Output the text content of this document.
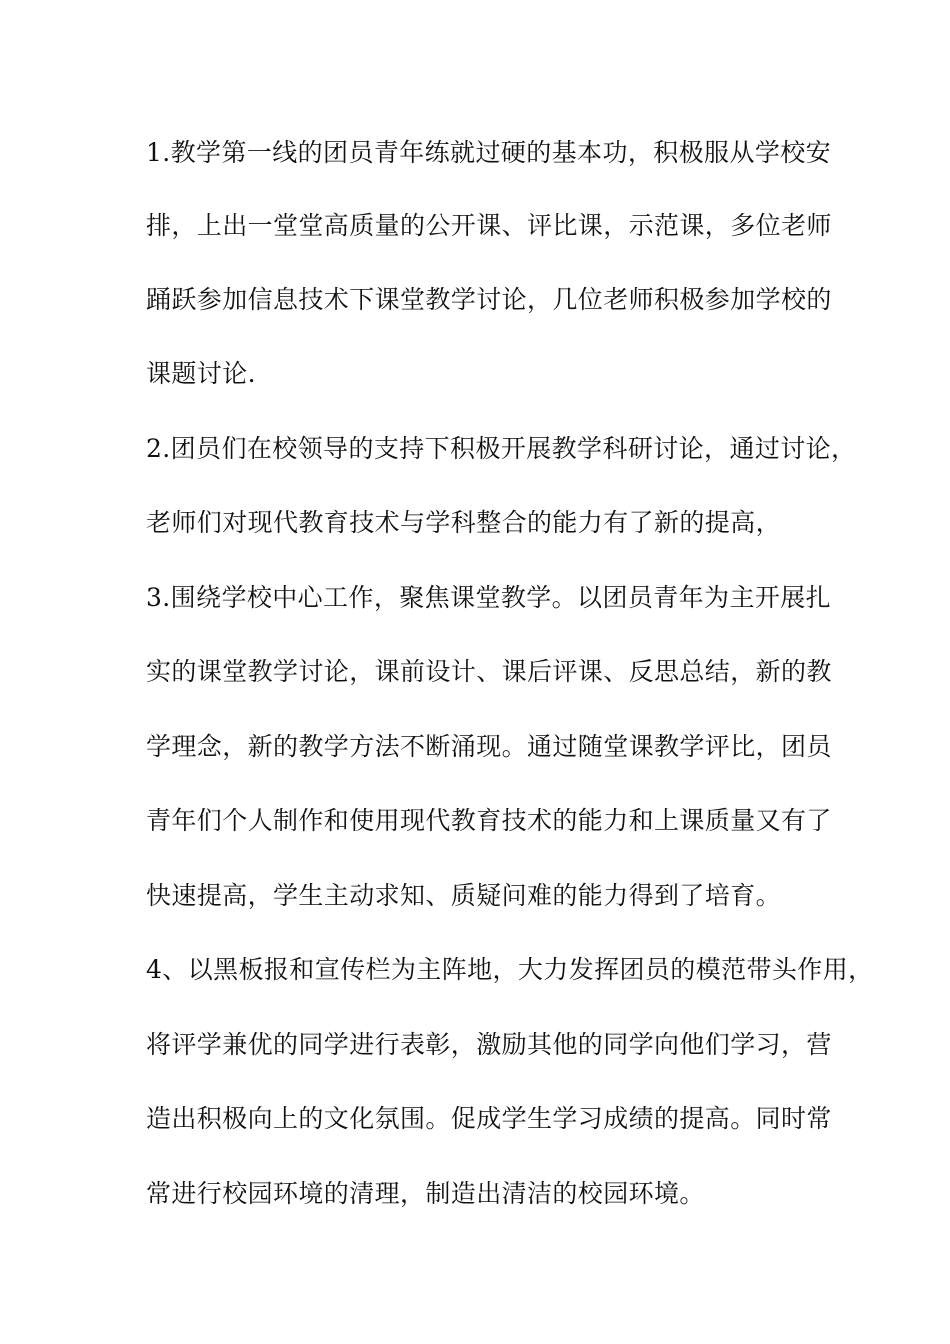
1.教学第一线的团员青年练就过硬的基本功，积极服从学校安

排，上出一堂堂高质量的公开课、评比课，示范课，多位老师

踊跃参加信息技术下课堂教学讨论，几位老师积极参加学校的

课题讨论.

2.团员们在校领导的支持下积极开展教学科研讨论，通过讨论，

老师们对现代教育技术与学科整合的能力有了新的提高，

3.围绕学校中心工作，聚焦课堂教学。以团员青年为主开展扎

实的课堂教学讨论，课前设计、课后评课、反思总结，新的教

学理念，新的教学方法不断涌现。通过随堂课教学评比，团员

青年们个人制作和使用现代教育技术的能力和上课质量又有了

快速提高，学生主动求知、质疑问难的能力得到了培育。

4、以黑板报和宣传栏为主阵地，大力发挥团员的模范带头作用，

将评学兼优的同学进行表彰，激励其他的同学向他们学习，营

造出积极向上的文化氛围。促成学生学习成绩的提高。同时常

常进行校园环境的清理，制造出清洁的校园环境。
